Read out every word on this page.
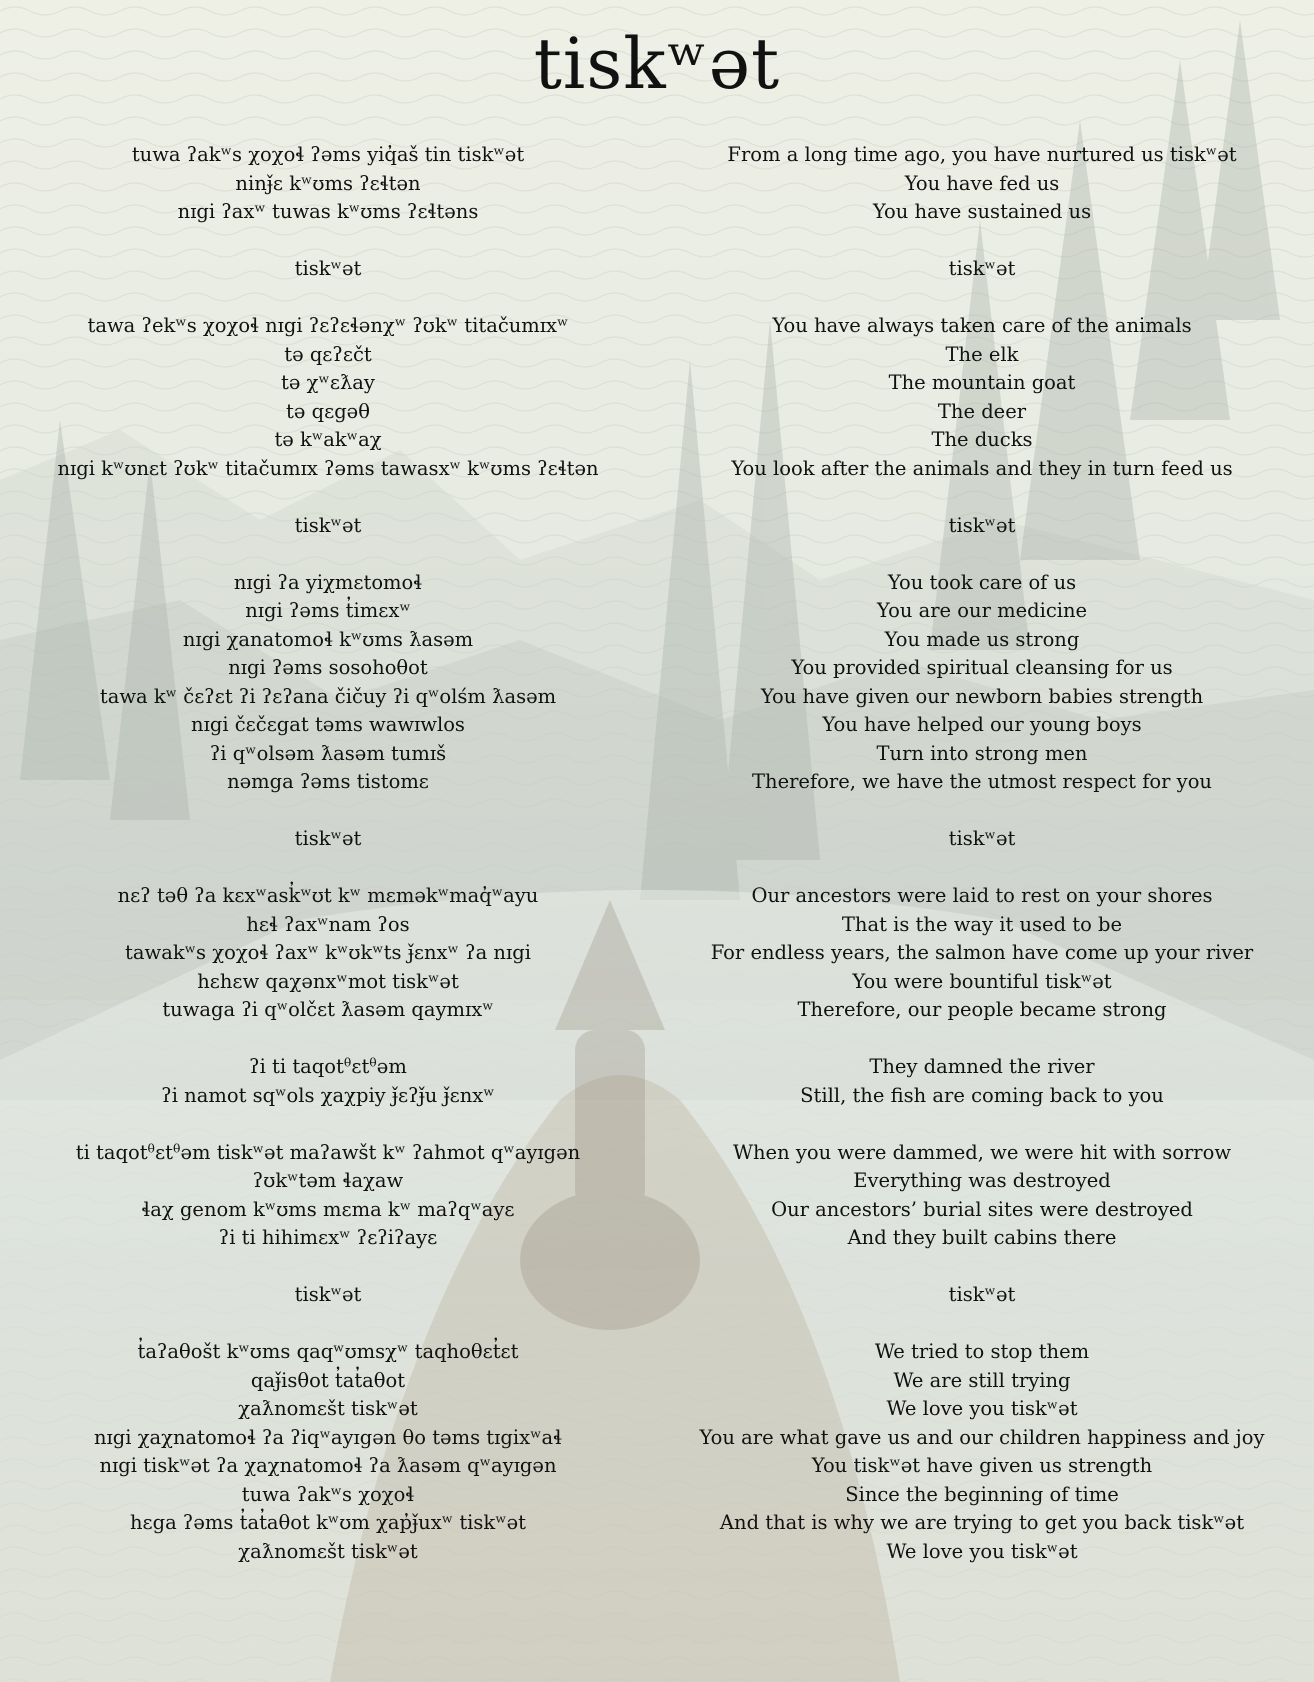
tiskʷət
tuwa ʔakʷs χoχoɬ ʔəms yiq̓aš tin tiskʷət
ninɟ̌ɛ kʷʊms ʔɛɬtən
nɪgi ʔaxʷ tuwas kʷʊms ʔɛɬtəns
tiskʷət
tawa ʔekʷs χoχoɬ nɪgi ʔɛʔɛɬənχʷ ʔʊkʷ titačumɪxʷ
tə qɛʔɛčt
tə χʷɛƛay
tə qɛgəθ
tə kʷakʷaχ
nɪgi kʷʊnɛt ʔʊkʷ titačumɪx ʔəms tawasxʷ kʷʊms ʔɛɬtən
tiskʷət
nɪgi ʔa yiχmɛtomoɬ
nɪgi ʔəms t̓imɛxʷ
nɪgi χanatomoɬ kʷʊms ƛasəm
nɪgi ʔəms sosohoθot
tawa kʷ čɛʔɛt ʔi ʔɛʔana čičuy ʔi qʷolśm ƛasəm
nɪgi čɛčɛgat təms wawɪwlos
ʔi qʷolsəm ƛasəm tumɪš
nəmga ʔəms tistomɛ
tiskʷət
nɛʔ təθ ʔa kɛxʷask̓ʷʊt kʷ mɛməkʷmaq̓ʷayu
hɛɬ ʔaxʷnam ʔos
tawakʷs χoχoɬ ʔaxʷ kʷʊkʷts ɟ̌ɛnxʷ ʔa nɪgi
hɛhɛw qaχənxʷmot tiskʷət
tuwaga ʔi qʷolčɛt ƛasəm qaymɪxʷ
ʔi ti taqotᶿɛtᶿəm
ʔi namot sqʷols χaχpiy ɟ̌ɛʔɟ̌u ɟ̌ɛnxʷ
ti taqotᶿɛtᶿəm tiskʷət maʔawšt kʷ ʔahmot qʷayɪgən
ʔʊkʷtəm ɬaχaw
ɬaχ genom kʷʊms mɛma kʷ maʔqʷayɛ
ʔi ti hihimɛxʷ ʔɛʔiʔayɛ
tiskʷət
t̓aʔaθošt kʷʊms qaqʷʊmsχʷ taqhoθɛt̓ɛt
qaɟ̌isθot t̓at̓aθot
χaƛnomɛšt tiskʷət
nɪgi χaχnatomoɬ ʔa ʔiqʷayɪgən θo təms tɪgixʷaɬ
nɪgi tiskʷət ʔa χaχnatomoɬ ʔa ƛasəm qʷayɪgən
tuwa ʔakʷs χoχoɬ
hɛga ʔəms t̓at̓aθot kʷʊm χap̓ɟ̌uxʷ tiskʷət
χaƛnomɛšt tiskʷət
From a long time ago, you have nurtured us tiskʷət
You have fed us
You have sustained us
tiskʷət
You have always taken care of the animals
The elk
The mountain goat
The deer
The ducks
You look after the animals and they in turn feed us
tiskʷət
You took care of us
You are our medicine
You made us strong
You provided spiritual cleansing for us
You have given our newborn babies strength
You have helped our young boys
Turn into strong men
Therefore, we have the utmost respect for you
tiskʷət
Our ancestors were laid to rest on your shores
That is the way it used to be
For endless years, the salmon have come up your river
You were bountiful tiskʷət
Therefore, our people became strong
They damned the river
Still, the fish are coming back to you
When you were dammed, we were hit with sorrow
Everything was destroyed
Our ancestors’ burial sites were destroyed
And they built cabins there
tiskʷət
We tried to stop them
We are still trying
We love you tiskʷət
You are what gave us and our children happiness and joy
You tiskʷət have given us strength
Since the beginning of time
And that is why we are trying to get you back tiskʷət
We love you tiskʷət
